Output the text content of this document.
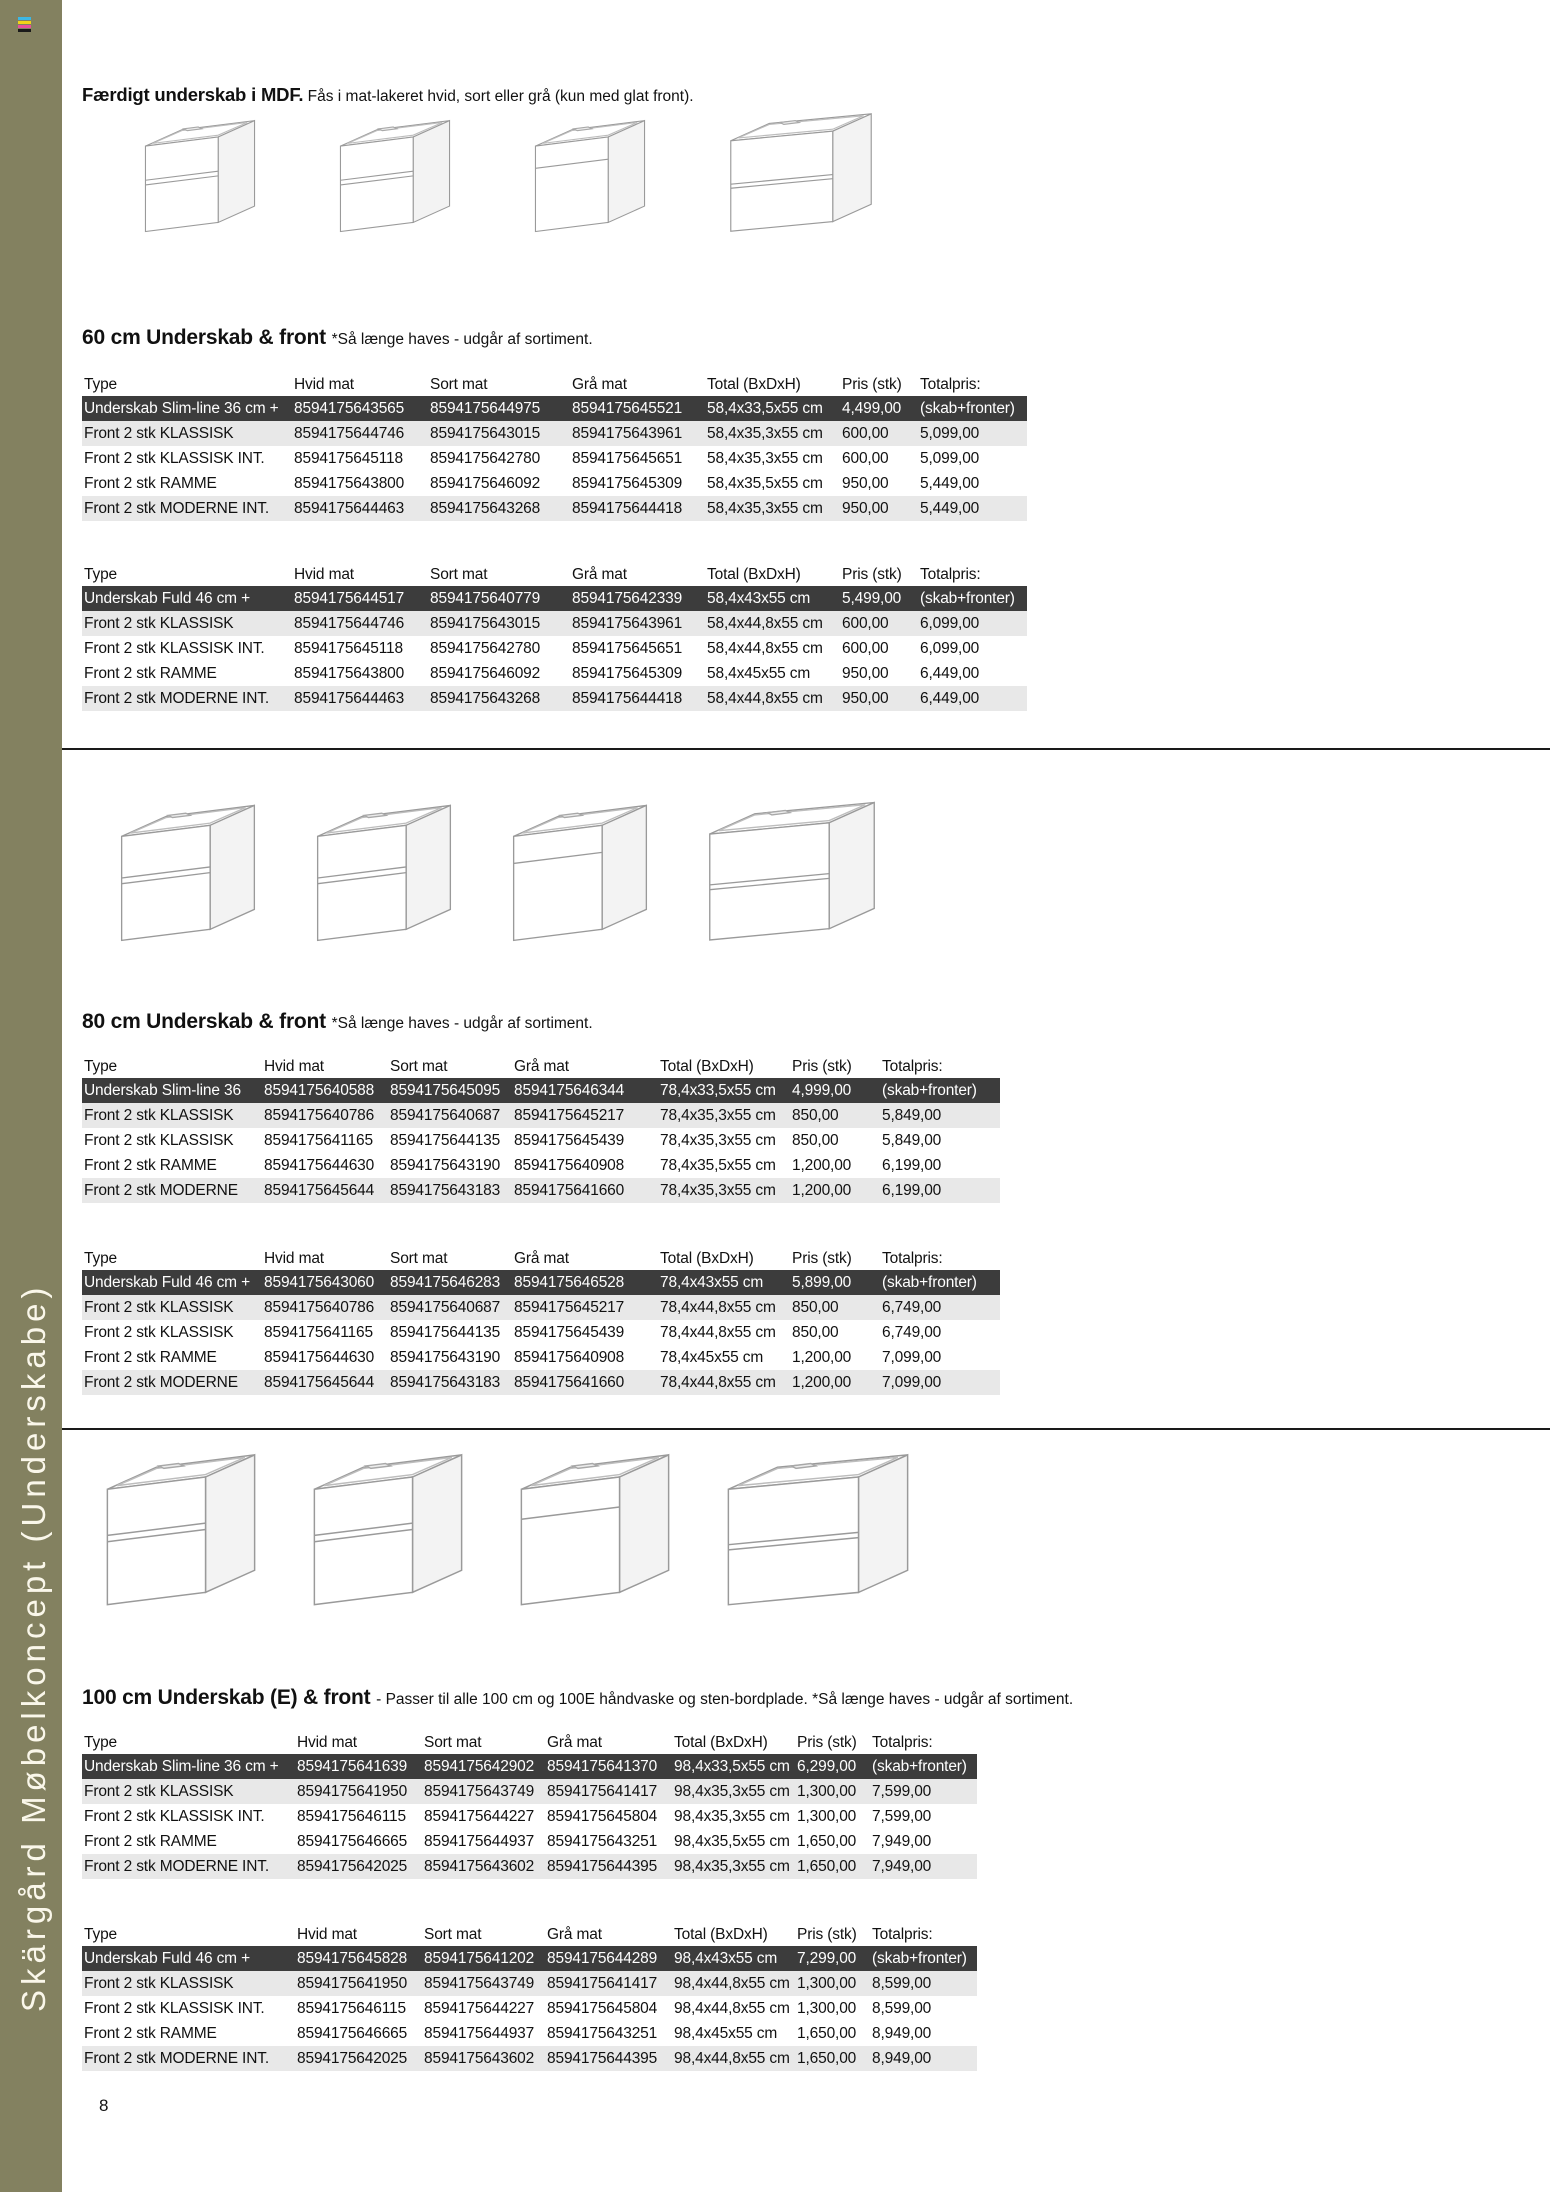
Skärgård Møbelkoncept (Underskabe)

Færdigt underskab i MDF. Fås i mat-lakeret hvid, sort eller grå (kun med glat front).

60 cm Underskab & front *Så længe haves - udgår af sortiment.
Type	Hvid mat	Sort mat	Grå mat	Total (BxDxH)	Pris (stk)	Totalpris:
Underskab Slim-line 36 cm +	8594175643565	8594175644975	8594175645521	58,4x33,5x55 cm	4,499,00	(skab+fronter)
Front 2 stk KLASSISK	8594175644746	8594175643015	8594175643961	58,4x35,3x55 cm	600,00	5,099,00
Front 2 stk KLASSISK INT.	8594175645118	8594175642780	8594175645651	58,4x35,3x55 cm	600,00	5,099,00
Front 2 stk RAMME	8594175643800	8594175646092	8594175645309	58,4x35,5x55 cm	950,00	5,449,00
Front 2 stk MODERNE INT.	8594175644463	8594175643268	8594175644418	58,4x35,3x55 cm	950,00	5,449,00
Type	Hvid mat	Sort mat	Grå mat	Total (BxDxH)	Pris (stk)	Totalpris:
Underskab Fuld 46 cm +	8594175644517	8594175640779	8594175642339	58,4x43x55 cm	5,499,00	(skab+fronter)
Front 2 stk KLASSISK	8594175644746	8594175643015	8594175643961	58,4x44,8x55 cm	600,00	6,099,00
Front 2 stk KLASSISK INT.	8594175645118	8594175642780	8594175645651	58,4x44,8x55 cm	600,00	6,099,00
Front 2 stk RAMME	8594175643800	8594175646092	8594175645309	58,4x45x55 cm	950,00	6,449,00
Front 2 stk MODERNE INT.	8594175644463	8594175643268	8594175644418	58,4x44,8x55 cm	950,00	6,449,00
80 cm Underskab & front *Så længe haves - udgår af sortiment.
Type	Hvid mat	Sort mat	Grå mat	Total (BxDxH)	Pris (stk)	Totalpris:
Underskab Slim-line 36	8594175640588	8594175645095	8594175646344	78,4x33,5x55 cm	4,999,00	(skab+fronter)
Front 2 stk KLASSISK	8594175640786	8594175640687	8594175645217	78,4x35,3x55 cm	850,00	5,849,00
Front 2 stk KLASSISK	8594175641165	8594175644135	8594175645439	78,4x35,3x55 cm	850,00	5,849,00
Front 2 stk RAMME	8594175644630	8594175643190	8594175640908	78,4x35,5x55 cm	1,200,00	6,199,00
Front 2 stk MODERNE	8594175645644	8594175643183	8594175641660	78,4x35,3x55 cm	1,200,00	6,199,00
Type	Hvid mat	Sort mat	Grå mat	Total (BxDxH)	Pris (stk)	Totalpris:
Underskab Fuld 46 cm +	8594175643060	8594175646283	8594175646528	78,4x43x55 cm	5,899,00	(skab+fronter)
Front 2 stk KLASSISK	8594175640786	8594175640687	8594175645217	78,4x44,8x55 cm	850,00	6,749,00
Front 2 stk KLASSISK	8594175641165	8594175644135	8594175645439	78,4x44,8x55 cm	850,00	6,749,00
Front 2 stk RAMME	8594175644630	8594175643190	8594175640908	78,4x45x55 cm	1,200,00	7,099,00
Front 2 stk MODERNE	8594175645644	8594175643183	8594175641660	78,4x44,8x55 cm	1,200,00	7,099,00
100 cm Underskab (E) & front - Passer til alle 100 cm og 100E håndvaske og sten-bordplade. *Så længe haves - udgår af sortiment.
Type	Hvid mat	Sort mat	Grå mat	Total (BxDxH)	Pris (stk)	Totalpris:
Underskab Slim-line 36 cm +	8594175641639	8594175642902	8594175641370	98,4x33,5x55 cm	6,299,00	(skab+fronter)
Front 2 stk KLASSISK	8594175641950	8594175643749	8594175641417	98,4x35,3x55 cm	1,300,00	7,599,00
Front 2 stk KLASSISK INT.	8594175646115	8594175644227	8594175645804	98,4x35,3x55 cm	1,300,00	7,599,00
Front 2 stk RAMME	8594175646665	8594175644937	8594175643251	98,4x35,5x55 cm	1,650,00	7,949,00
Front 2 stk MODERNE INT.	8594175642025	8594175643602	8594175644395	98,4x35,3x55 cm	1,650,00	7,949,00
Type	Hvid mat	Sort mat	Grå mat	Total (BxDxH)	Pris (stk)	Totalpris:
Underskab Fuld 46 cm +	8594175645828	8594175641202	8594175644289	98,4x43x55 cm	7,299,00	(skab+fronter)
Front 2 stk KLASSISK	8594175641950	8594175643749	8594175641417	98,4x44,8x55 cm	1,300,00	8,599,00
Front 2 stk KLASSISK INT.	8594175646115	8594175644227	8594175645804	98,4x44,8x55 cm	1,300,00	8,599,00
Front 2 stk RAMME	8594175646665	8594175644937	8594175643251	98,4x45x55 cm	1,650,00	8,949,00
Front 2 stk MODERNE INT.	8594175642025	8594175643602	8594175644395	98,4x44,8x55 cm	1,650,00	8,949,00
8
